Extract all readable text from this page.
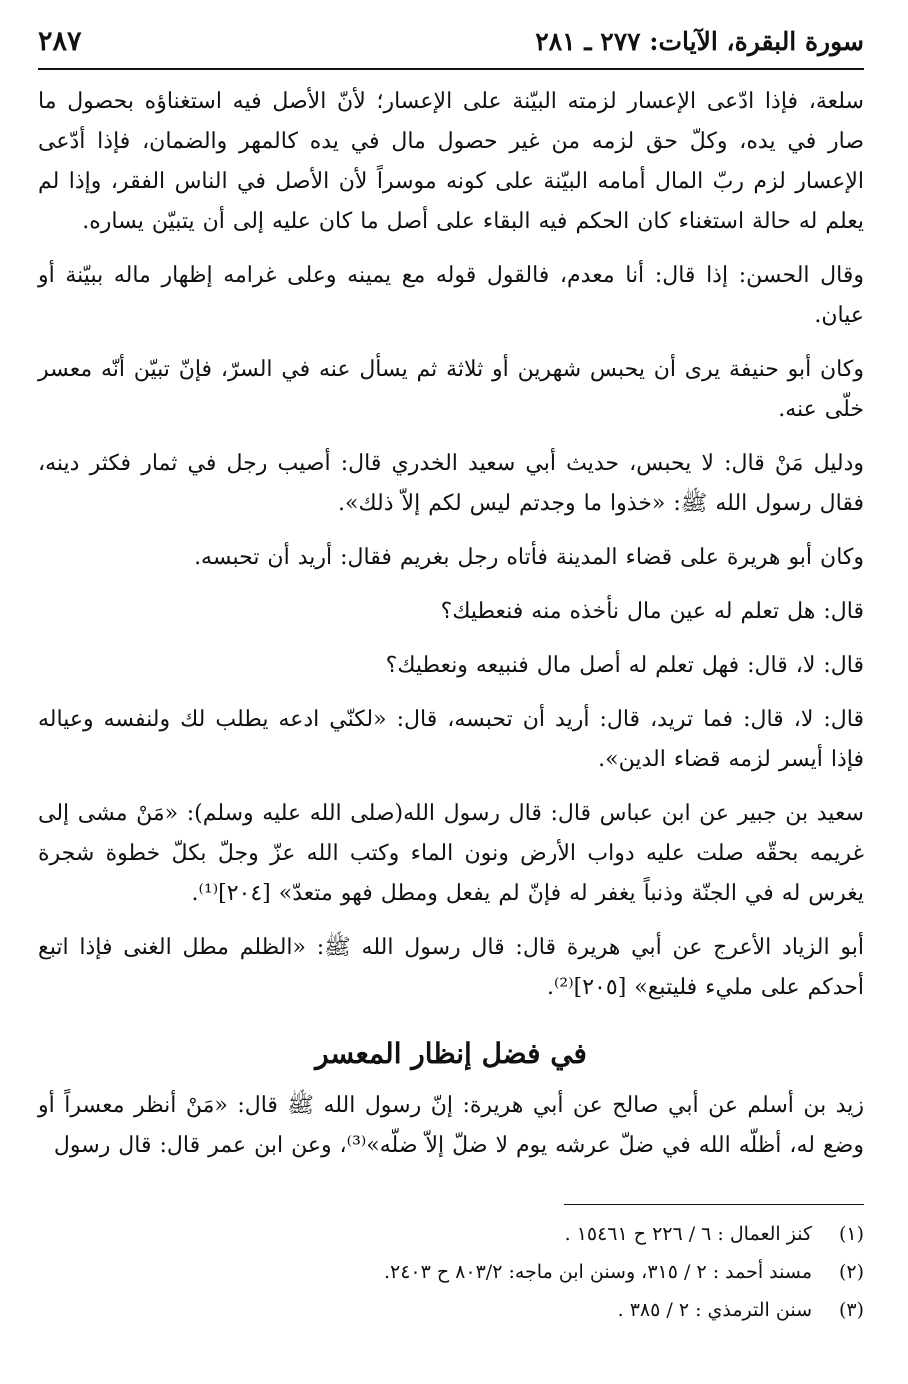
سورة البقرة، الآيات: ٢٧٧ ـ ٢٨١
٢٨٧

سلعة، فإذا ادّعى الإعسار لزمته البيّنة على الإعسار؛ لأنّ الأصل فيه استغناؤه بحصول ما صار في يده، وكلّ حق لزمه من غير حصول مال في يده كالمهر والضمان، فإذا أدّعى الإعسار لزم ربّ المال أمامه البيّنة على كونه موسراً لأن الأصل في الناس الفقر، وإذا لم يعلم له حالة استغناء كان الحكم فيه البقاء على أصل ما كان عليه إلى أن يتبيّن يساره.

وقال الحسن: إذا قال: أنا معدم، فالقول قوله مع يمينه وعلى غرامه إظهار ماله ببيّنة أو عيان.

وكان أبو حنيفة يرى أن يحبس شهرين أو ثلاثة ثم يسأل عنه في السرّ، فإنّ تبيّن أنّه معسر خلّى عنه.

ودليل مَنْ قال: لا يحبس، حديث أبي سعيد الخدري قال: أصيب رجل في ثمار فكثر دينه، فقال رسول الله ﷺ: «خذوا ما وجدتم ليس لكم إلاّ ذلك».

وكان أبو هريرة على قضاء المدينة فأتاه رجل بغريم فقال: أريد أن تحبسه.

قال: هل تعلم له عين مال نأخذه منه فنعطيك؟

قال: لا، قال: فهل تعلم له أصل مال فنبيعه ونعطيك؟

قال: لا، قال: فما تريد، قال: أريد أن تحبسه، قال: «لكنّي ادعه يطلب لك ولنفسه وعياله فإذا أيسر لزمه قضاء الدين».

سعيد بن جبير عن ابن عباس قال: قال رسول الله(صلى الله عليه وسلم): «مَنْ مشى إلى غريمه بحقّه صلت عليه دواب الأرض ونون الماء وكتب الله عزّ وجلّ بكلّ خطوة شجرة يغرس له في الجنّة وذنباً يغفر له فإنّ لم يفعل ومطل فهو متعدّ» [٢٠٤]⁽¹⁾.

أبو الزياد الأعرج عن أبي هريرة قال: قال رسول الله ﷺ: «الظلم مطل الغنى فإذا اتبع أحدكم على مليء فليتبع» [٢٠٥]⁽²⁾.

في فضل إنظار المعسر

زيد بن أسلم عن أبي صالح عن أبي هريرة: إنّ رسول الله ﷺ قال: «مَنْ أنظر معسراً أو وضع له، أظلّه الله في ضلّ عرشه يوم لا ضلّ إلاّ ضلّه»⁽³⁾، وعن ابن عمر قال: قال رسول

(١)
كنز العمال : ٦ / ٢٢٦ ح ١٥٤٦١ .
(٢)
مسند أحمد : ٢ / ٣١٥، وسنن ابن ماجه: ٨٠٣/٢ ح ٢٤٠٣.
(٣)
سنن الترمذي : ٢ / ٣٨٥ .
